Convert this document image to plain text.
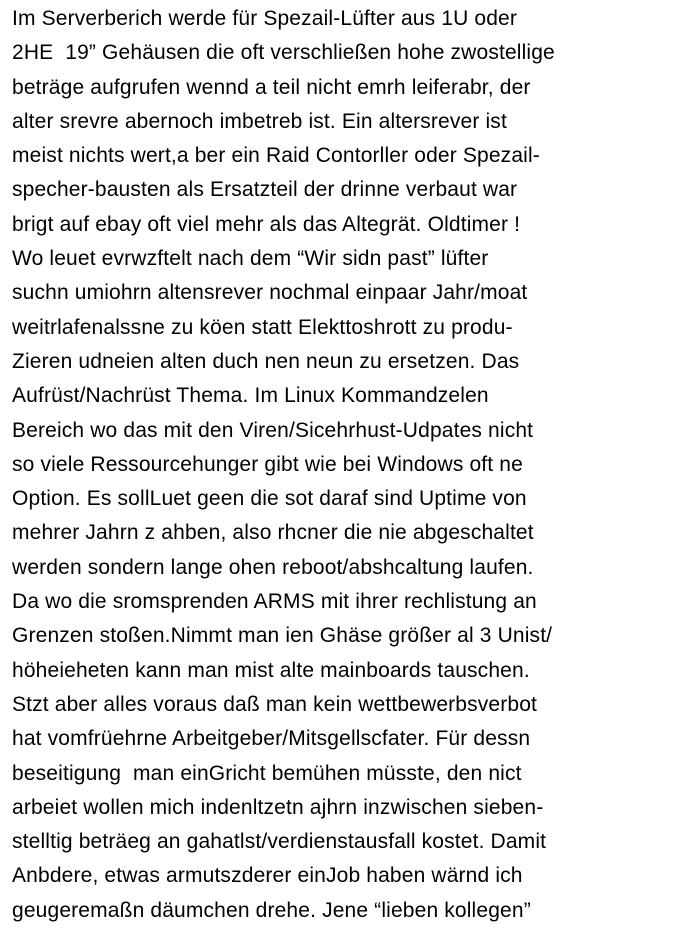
Im Serverberich werde für Spezail-Lüfter aus 1U oder
2HE  19” Gehäusen die oft verschließen hohe zwostellige
beträge aufgrufen wennd a teil nicht emrh leiferabr, der
alter srevre abernoch imbetreb ist. Ein altersrever ist
meist nichts wert,a ber ein Raid Contorller oder Spezail-
specher-bausten als Ersatzteil der drinne verbaut war
brigt auf ebay oft viel mehr als das Altegrät. Oldtimer !
Wo leuet evrwzftelt nach dem “Wir sidn past” lüfter
suchn umiohrn altensrever nochmal einpaar Jahr/moat
weitrlafenalssne zu köen statt Elekttoshrott zu produ-
Zieren udneien alten duch nen neun zu ersetzen. Das
Aufrüst/Nachrüst Thema. Im Linux Kommandzelen
Bereich wo das mit den Viren/Sicehrhust-Udpates nicht
so viele Ressourcehunger gibt wie bei Windows oft ne
Option. Es sollLuet geen die sot daraf sind Uptime von
mehrer Jahrn z ahben, also rhcner die nie abgeschaltet
werden sondern lange ohen reboot/abshcaltung laufen.
Da wo die sromsprenden ARMS mit ihrer rechlistung an
Grenzen stoßen.Nimmt man ien Ghäse größer al 3 Unist/
höheieheten kann man mist alte mainboards tauschen.
Stzt aber alles voraus daß man kein wettbewerbsverbot
hat vomfrüehrne Arbeitgeber/Mitsgellscfater. Für dessn
beseitigung  man einGricht bemühen müsste, den nict
arbeiet wollen mich indenltzetn ajhrn inzwischen sieben-
stelltig beträeg an gahatlst/verdienstausfall kostet. Damit
Anbdere, etwas armutszderer einJob haben wärnd ich
geugeremaßn däumchen drehe. Jene “lieben kollegen”
